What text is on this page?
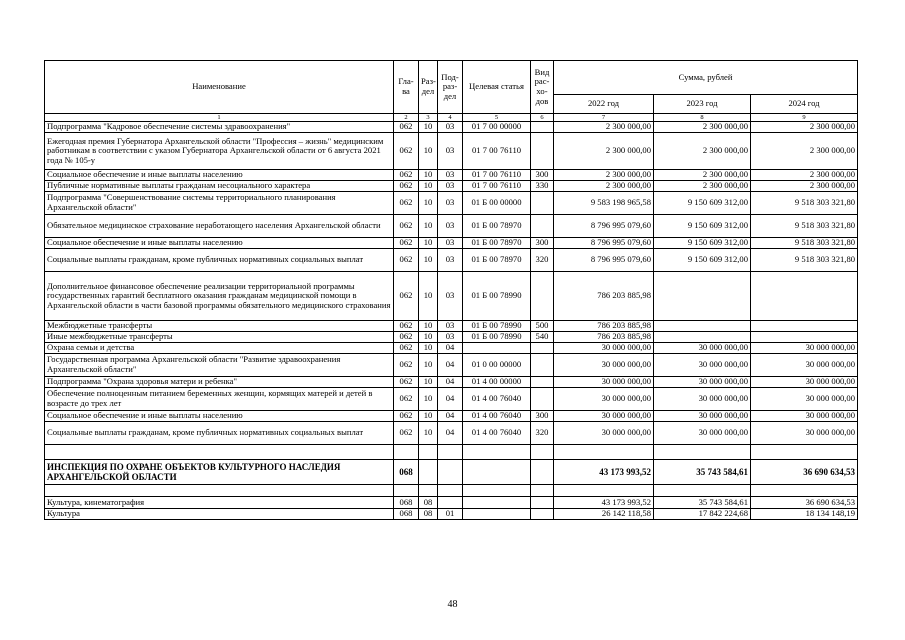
Наименование	Гла-ва	Раз-дел	Под-раз-дел	Целевая статья	Вид рас-хо-дов	Сумма, рублей		
						2022 год	2023 год	2024 год
1	2	3	4	5	6	7	8	9
Подпрограмма "Кадровое обеспечение системы здравоохранения"	062	10	03	01 7 00 00000		2 300 000,00	2 300 000,00	2 300 000,00
Ежегодная премия Губернатора Архангельской области "Профессия – жизнь" медицинским работникам в соответствии с указом Губернатора Архангельской области от 6 августа 2021 года № 105-у	062	10	03	01 7 00 76110		2 300 000,00	2 300 000,00	2 300 000,00
Социальное обеспечение и иные выплаты населению	062	10	03	01 7 00 76110	300	2 300 000,00	2 300 000,00	2 300 000,00
Публичные нормативные выплаты гражданам несоциального характера	062	10	03	01 7 00 76110	330	2 300 000,00	2 300 000,00	2 300 000,00
Подпрограмма "Совершенствование системы территориального планирования Архангельской области"	062	10	03	01 Б 00 00000		9 583 198 965,58	9 150 609 312,00	9 518 303 321,80
Обязательное медицинское страхование неработающего населения Архангельской области	062	10	03	01 Б 00 78970		8 796 995 079,60	9 150 609 312,00	9 518 303 321,80
Социальное обеспечение и иные выплаты населению	062	10	03	01 Б 00 78970	300	8 796 995 079,60	9 150 609 312,00	9 518 303 321,80
Социальные выплаты гражданам, кроме публичных нормативных социальных выплат	062	10	03	01 Б 00 78970	320	8 796 995 079,60	9 150 609 312,00	9 518 303 321,80
Дополнительное финансовое обеспечение реализации территориальной программы государственных гарантий бесплатного оказания гражданам медицинской помощи в Архангельской области в части базовой программы обязательного медицинского страхования	062	10	03	01 Б 00 78990		786 203 885,98		
Межбюджетные трансферты	062	10	03	01 Б 00 78990	500	786 203 885,98		
Иные межбюджетные трансферты	062	10	03	01 Б 00 78990	540	786 203 885,98		
Охрана семьи и детства	062	10	04			30 000 000,00	30 000 000,00	30 000 000,00
Государственная программа Архангельской области "Развитие здравоохранения Архангельской области"	062	10	04	01 0 00 00000		30 000 000,00	30 000 000,00	30 000 000,00
Подпрограмма "Охрана здоровья матери и ребенка"	062	10	04	01 4 00 00000		30 000 000,00	30 000 000,00	30 000 000,00
Обеспечение полноценным питанием беременных женщин, кормящих матерей и детей в возрасте до трех лет	062	10	04	01 4 00 76040		30 000 000,00	30 000 000,00	30 000 000,00
Социальное обеспечение и иные выплаты населению	062	10	04	01 4 00 76040	300	30 000 000,00	30 000 000,00	30 000 000,00
Социальные выплаты гражданам, кроме публичных нормативных социальных выплат	062	10	04	01 4 00 76040	320	30 000 000,00	30 000 000,00	30 000 000,00

ИНСПЕКЦИЯ ПО ОХРАНЕ ОБЪЕКТОВ КУЛЬТУРНОГО НАСЛЕДИЯ АРХАНГЕЛЬСКОЙ ОБЛАСТИ	068					43 173 993,52	35 743 584,61	36 690 634,53

Культура, кинематография	068	08				43 173 993,52	35 743 584,61	36 690 634,53
Культура	068	08	01			26 142 118,58	17 842 224,68	18 134 148,19
48
